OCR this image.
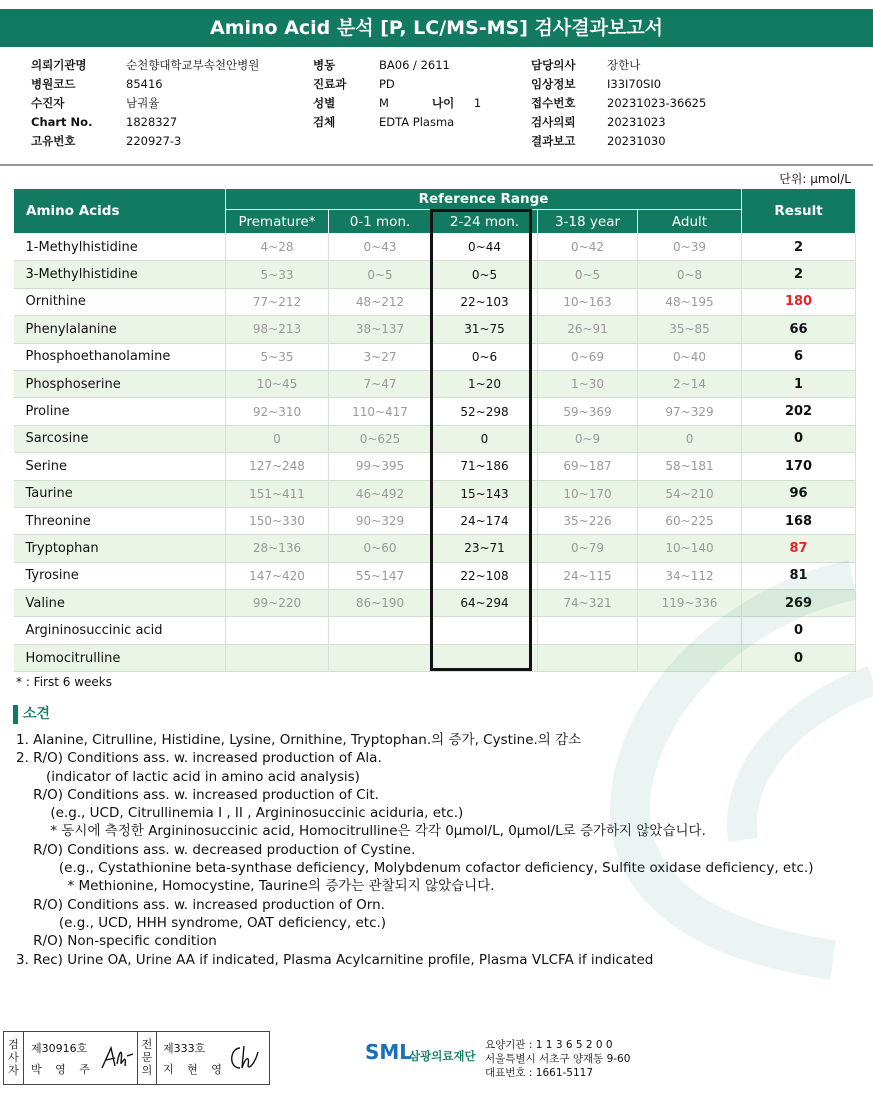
Amino Acid 분석 [P, LC/MS-MS] 검사결과보고서
의뢰기관명	순천향대학교부속천안병원
병원코드	85416
수진자	남궈율
Chart No.	1828327
고유번호	220927-3
병동	BA06 / 2611
진료과	PD
성별	M
검체	EDTA Plasma
나이 1
담당의사	장한나
임상정보	I33I70SI0
접수번호	20231023-36625
검사의뢰	20231023
결과보고	20231030
단위: μmol/L
Amino Acids	Reference Range					Result
	Premature*	0-1 mon.	2-24 mon.	3-18 year	Adult	
1-Methylhistidine	4~28	0~43	0~44	0~42	0~39	2
3-Methylhistidine	5~33	0~5	0~5	0~5	0~8	2
Ornithine	77~212	48~212	22~103	10~163	48~195	180
Phenylalanine	98~213	38~137	31~75	26~91	35~85	66
Phosphoethanolamine	5~35	3~27	0~6	0~69	0~40	6
Phosphoserine	10~45	7~47	1~20	1~30	2~14	1
Proline	92~310	110~417	52~298	59~369	97~329	202
Sarcosine	0	0~625	0	0~9	0	0
Serine	127~248	99~395	71~186	69~187	58~181	170
Taurine	151~411	46~492	15~143	10~170	54~210	96
Threonine	150~330	90~329	24~174	35~226	60~225	168
Tryptophan	28~136	0~60	23~71	0~79	10~140	87
Tyrosine	147~420	55~147	22~108	24~115	34~112	81
Valine	99~220	86~190	64~294	74~321	119~336	269
Argininosuccinic acid						0
Homocitrulline						0
* : First 6 weeks
소견
1. Alanine, Citrulline, Histidine, Lysine, Ornithine, Tryptophan.의 증가, Cystine.의 감소
2. R/O) Conditions ass. w. increased production of Ala.
(indicator of lactic acid in amino acid analysis)
R/O) Conditions ass. w. increased production of Cit.
(e.g., UCD, Citrullinemia I , II , Argininosuccinic aciduria, etc.)
* 동시에 측정한 Argininosuccinic acid, Homocitrulline은 각각 0μmol/L, 0μmol/L로 증가하지 않았습니다.
R/O) Conditions ass. w. decreased production of Cystine.
(e.g., Cystathionine beta-synthase deficiency, Molybdenum cofactor deficiency, Sulfite oxidase deficiency, etc.)
* Methionine, Homocystine, Taurine의 증가는 관찰되지 않았습니다.
R/O) Conditions ass. w. increased production of Orn.
(e.g., UCD, HHH syndrome, OAT deficiency, etc.)
R/O) Non-specific condition
3. Rec) Urine OA, Urine AA if indicated, Plasma Acylcarnitine profile, Plasma VLCFA if indicated
검
사
자
제30916호
박 영 주
전
문
의
제333호
지 현 영
SML
삼광의료재단
요양기관 : 1 1 3 6 5 2 0 0
서울특별시 서초구 양재동 9-60
대표번호 : 1661-5117
